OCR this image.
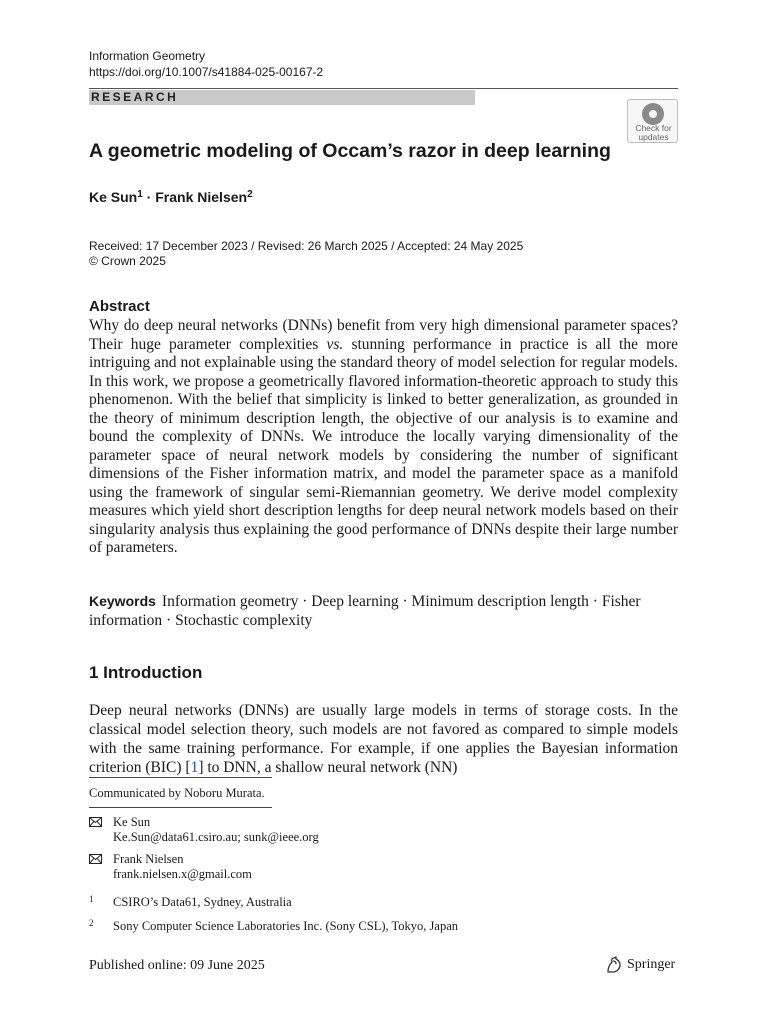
Information Geometry
https://doi.org/10.1007/s41884-025-00167-2
RESEARCH
Check for updates
A geometric modeling of Occam’s razor in deep learning
Ke Sun$^1$ · Frank Nielsen$^2$
Received: 17 December 2023 / Revised: 26 March 2025 / Accepted: 24 May 2025
© Crown 2025
Abstract

Why do deep neural networks (DNNs) benefit from very high dimensional parameter spaces? Their huge parameter complexities vs. stunning performance in practice is all the more intriguing and not explainable using the standard theory of model selection for regular models. In this work, we propose a geometrically flavored information-theoretic approach to study this phenomenon. With the belief that simplicity is linked to better generalization, as grounded in the theory of minimum description length, the objective of our analysis is to examine and bound the complexity of DNNs. We introduce the locally varying dimensionality of the parameter space of neural network models by considering the number of significant dimensions of the Fisher information matrix, and model the parameter space as a manifold using the framework of singular semi-Riemannian geometry. We derive model complexity measures which yield short description lengths for deep neural network models based on their singularity analysis thus explaining the good performance of DNNs despite their large number of parameters.

Keywords Information geometry · Deep learning · Minimum description length · Fisher information · Stochastic complexity
1 Introduction

Deep neural networks (DNNs) are usually large models in terms of storage costs. In the classical model selection theory, such models are not favored as compared to simple models with the same training performance. For example, if one applies the Bayesian information criterion (BIC) [1] to DNN, a shallow neural network (NN)

Communicated by Noboru Murata.
Ke Sun
Ke.Sun@data61.csiro.au; sunk@ieee.org
Frank Nielsen
frank.nielsen.x@gmail.com
1 CSIRO’s Data61, Sydney, Australia
2 Sony Computer Science Laboratories Inc. (Sony CSL), Tokyo, Japan
Published online: 09 June 2025	Springer
